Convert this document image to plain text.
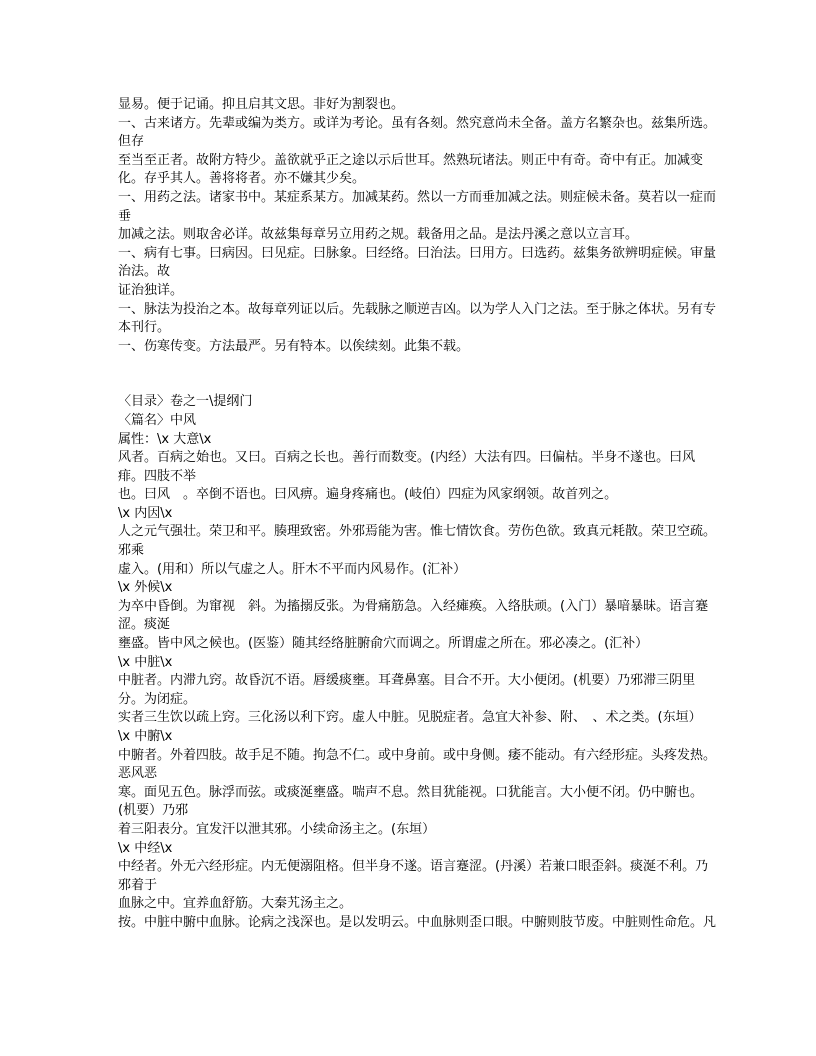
显易。便于记诵。抑且启其文思。非好为割裂也。

一、古来诸方。先辈或编为类方。或详为考论。虽有各刻。然究意尚未全备。盖方名繁杂也。兹集所选。但存

至当至正者。故附方特少。盖欲就乎正之途以示后世耳。然熟玩诸法。则正中有奇。奇中有正。加减变

化。存乎其人。善将将者。亦不嫌其少矣。

一、用药之法。诸家书中。某症系某方。加减某药。然以一方而垂加减之法。则症候未备。莫若以一症而垂

加减之法。则取舍必详。故兹集每章另立用药之规。载备用之品。是法丹溪之意以立言耳。

一、病有七事。曰病因。曰见症。曰脉象。曰经络。曰治法。曰用方。曰选药。兹集务欲辨明症候。审量治法。故

证治独详。

一、脉法为投治之本。故每章列证以后。先载脉之顺逆吉凶。以为学人入门之法。至于脉之体状。另有专本刊行。

一、伤寒传变。方法最严。另有特本。以俟续刻。此集不载。

〈目录〉卷之一\提纲门

〈篇名〉中风

属性：\x 大意\x

风者。百病之始也。又曰。百病之长也。善行而数变。(内经）大法有四。曰偏枯。半身不遂也。曰风痱。四肢不举

也。曰风　。卒倒不语也。曰风痹。遍身疼痛也。(岐伯）四症为风家纲领。故首列之。

\x 内因\x

人之元气强壮。荣卫和平。腠理致密。外邪焉能为害。惟七情饮食。劳伤色欲。致真元耗散。荣卫空疏。邪乘

虚入。(用和）所以气虚之人。肝木不平而内风易作。(汇补）

\x 外候\x

为卒中昏倒。为窜视　斜。为搐搦反张。为骨痛筋急。入经瘫痪。入络肤顽。(入门）暴喑暴昧。语言蹇涩。痰涎

壅盛。皆中风之候也。(医鉴）随其经络脏腑俞穴而调之。所谓虚之所在。邪必凑之。(汇补）

\x 中脏\x

中脏者。内滞九窍。故昏沉不语。唇缓痰壅。耳聋鼻塞。目合不开。大小便闭。(机要）乃邪滞三阴里分。为闭症。

实者三生饮以疏上窍。三化汤以利下窍。虚人中脏。见脱症者。急宜大补参、附、　、术之类。(东垣）

\x 中腑\x

中腑者。外着四肢。故手足不随。拘急不仁。或中身前。或中身侧。痿不能动。有六经形症。头疼发热。恶风恶

寒。面见五色。脉浮而弦。或痰涎壅盛。喘声不息。然目犹能视。口犹能言。大小便不闭。仍中腑也。(机要）乃邪

着三阳表分。宜发汗以泄其邪。小续命汤主之。(东垣）

\x 中经\x

中经者。外无六经形症。内无便溺阻格。但半身不遂。语言蹇涩。(丹溪）若兼口眼歪斜。痰涎不利。乃邪着于

血脉之中。宜养血舒筋。大秦艽汤主之。

按。中脏中腑中血脉。论病之浅深也。是以发明云。中血脉则歪口眼。中腑则肢节废。中脏则性命危。凡
